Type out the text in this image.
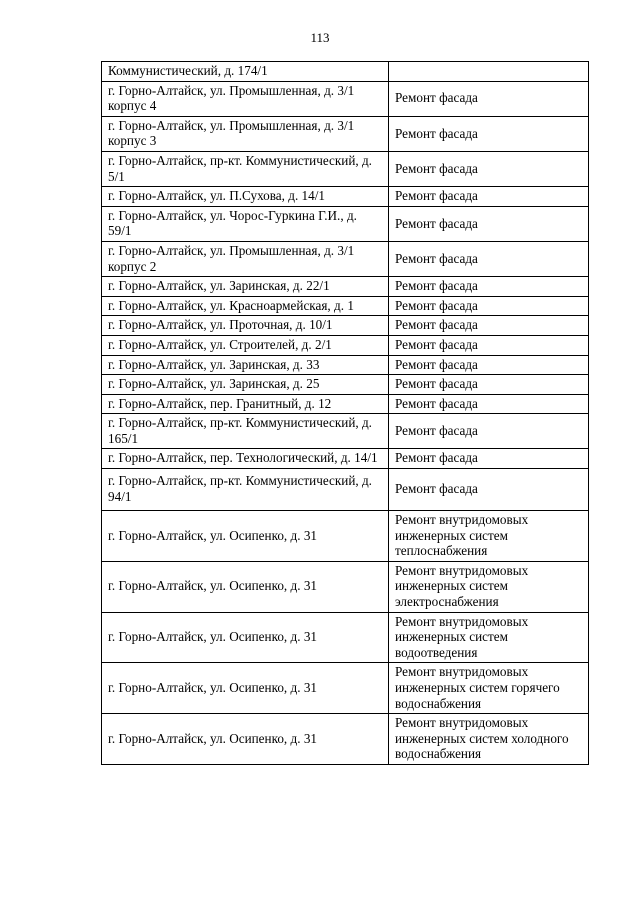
113
Коммунистический, д. 174/1	
г. Горно-Алтайск, ул. Промышленная, д. 3/1 корпус 4	Ремонт фасада
г. Горно-Алтайск, ул. Промышленная, д. 3/1 корпус 3	Ремонт фасада
г. Горно-Алтайск, пр-кт. Коммунистический, д. 5/1	Ремонт фасада
г. Горно-Алтайск, ул. П.Сухова, д. 14/1	Ремонт фасада
г. Горно-Алтайск, ул. Чорос-Гуркина Г.И., д. 59/1	Ремонт фасада
г. Горно-Алтайск, ул. Промышленная, д. 3/1 корпус 2	Ремонт фасада
г. Горно-Алтайск, ул. Заринская, д. 22/1	Ремонт фасада
г. Горно-Алтайск, ул. Красноармейская, д. 1	Ремонт фасада
г. Горно-Алтайск, ул. Проточная, д. 10/1	Ремонт фасада
г. Горно-Алтайск, ул. Строителей, д. 2/1	Ремонт фасада
г. Горно-Алтайск, ул. Заринская, д. 33	Ремонт фасада
г. Горно-Алтайск, ул. Заринская, д. 25	Ремонт фасада
г. Горно-Алтайск, пер. Гранитный, д. 12	Ремонт фасада
г. Горно-Алтайск, пр-кт. Коммунистический, д. 165/1	Ремонт фасада
г. Горно-Алтайск, пер. Технологический, д. 14/1	Ремонт фасада
г. Горно-Алтайск, пр-кт. Коммунистический, д. 94/1	Ремонт фасада
г. Горно-Алтайск, ул. Осипенко, д. 31	Ремонт внутридомовых инженерных систем теплоснабжения
г. Горно-Алтайск, ул. Осипенко, д. 31	Ремонт внутридомовых инженерных систем электроснабжения
г. Горно-Алтайск, ул. Осипенко, д. 31	Ремонт внутридомовых инженерных систем водоотведения
г. Горно-Алтайск, ул. Осипенко, д. 31	Ремонт внутридомовых инженерных систем горячего водоснабжения
г. Горно-Алтайск, ул. Осипенко, д. 31	Ремонт внутридомовых инженерных систем холодного водоснабжения
